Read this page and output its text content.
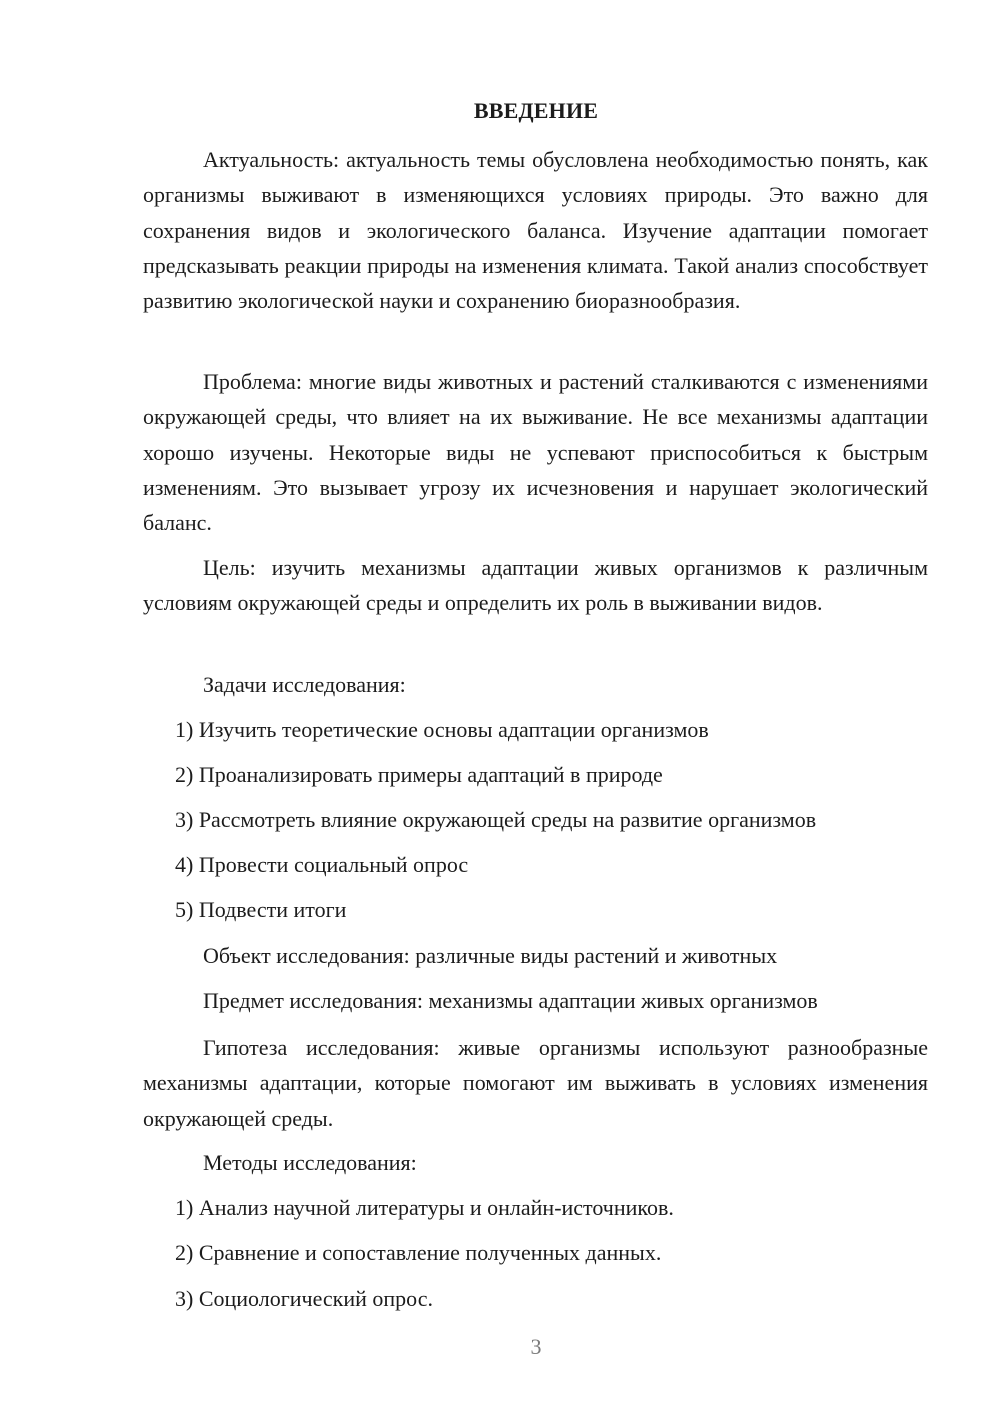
ВВЕДЕНИЕ

Актуальность: актуальность темы обусловлена необходимостью понять, как организмы выживают в изменяющихся условиях природы. Это важно для сохранения видов и экологического баланса. Изучение адаптации помогает предсказывать реакции природы на изменения климата. Такой анализ способствует развитию экологической науки и сохранению биоразнообразия.

Проблема: многие виды животных и растений сталкиваются с изменениями окружающей среды, что влияет на их выживание. Не все механизмы адаптации хорошо изучены. Некоторые виды не успевают приспособиться к быстрым изменениям. Это вызывает угрозу их исчезновения и нарушает экологический баланс.

Цель: изучить механизмы адаптации живых организмов к различным условиям окружающей среды и определить их роль в выживании видов.

Задачи исследования:

1) Изучить теоретические основы адаптации организмов

2) Проанализировать примеры адаптаций в природе

3) Рассмотреть влияние окружающей среды на развитие организмов

4) Провести социальный опрос

5) Подвести итоги

Объект исследования: различные виды растений и животных

Предмет исследования: механизмы адаптации живых организмов

Гипотеза исследования: живые организмы используют разнообразные механизмы адаптации, которые помогают им выживать в условиях изменения окружающей среды.

Методы исследования:

1) Анализ научной литературы и онлайн-источников.

2) Сравнение и сопоставление полученных данных.

3) Социологический опрос.

3
